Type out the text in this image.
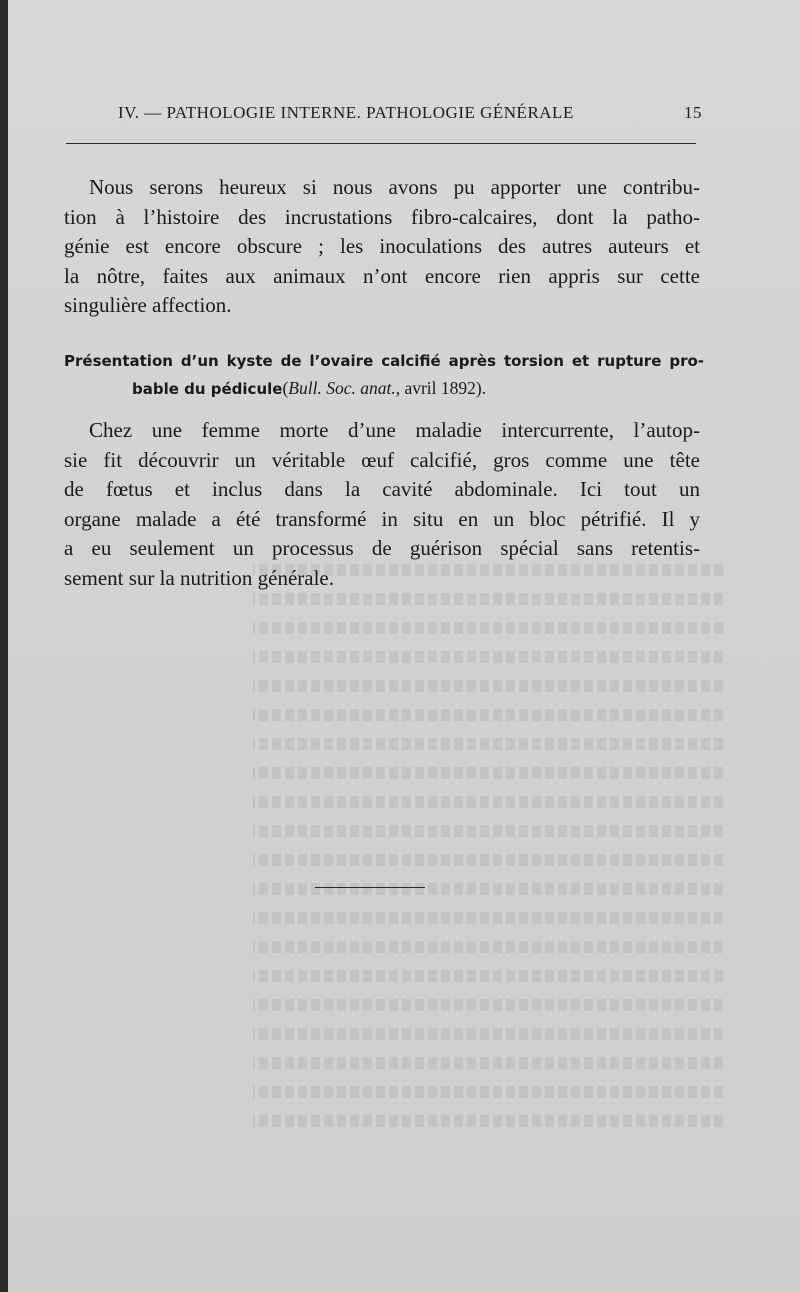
IV. — PATHOLOGIE INTERNE. PATHOLOGIE GÉNÉRALE	15
Nous serons heureux si nous avons pu apporter une contribu-
tion à l’histoire des incrustations fibro-calcaires, dont la patho-
génie est encore obscure ; les inoculations des autres auteurs et
la nôtre, faites aux animaux n’ont encore rien appris sur cette
singulière affection.
Présentation d’un kyste de l’ovaire calcifié après torsion et rupture pro-
bable du pédicule(Bull. Soc. anat., avril 1892).
Chez une femme morte d’une maladie intercurrente, l’autop-
sie fit découvrir un véritable œuf calcifié, gros comme une tête
de fœtus et inclus dans la cavité abdominale. Ici tout un
organe malade a été transformé in situ en un bloc pétrifié. Il y
a eu seulement un processus de guérison spécial sans retentis-
sement sur la nutrition générale.
